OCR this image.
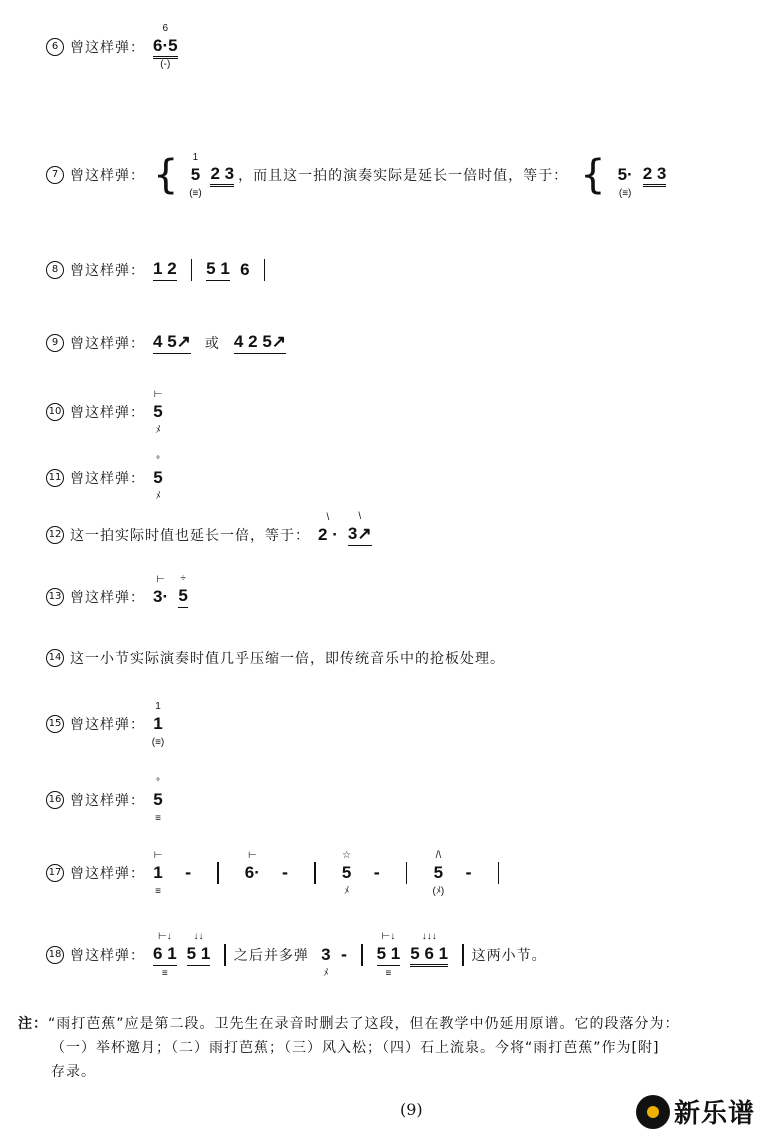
6 曾这样弹：
6
6·5
(-)
7 曾这样弹： { 1
5
(≡)
2 3 ，而且这一拍的演奏实际是延长一倍时值，等于： { 5·
(≡)
2 3
8 曾这样弹： 1 2 5 1 6
9 曾这样弹： 4 5↗ 或 4 2 5↗
10 曾这样弹：
⊢
5
ﾒ
11 曾这样弹：
°
5
ﾒ
12 这一拍实际时值也延长一倍，等于：
\
2 ·
\
3↗
13 曾这样弹：
⊢
3·
÷
5
14 这一小节实际演奏时值几乎压缩一倍，即传统音乐中的抢板处理。
15 曾这样弹：
1
1
(≡)
16 曾这样弹：
°
5
≡
17 曾这样弹：
⊢
1
≡
-
⊢
6· -
☆
5
ﾒ
-
/\
5
(ﾒ)
-
18 曾这样弹：
⊢↓
6 1
≡
↓↓
5 1 之后并多弹 3
ﾒ
-
⊢↓
5 1
≡
↓↓↓
5 6 1 这两小节。
注：“雨打芭蕉”应是第二段。卫先生在录音时删去了这段，但在教学中仍延用原谱。它的段落分为：
（一）举杯邀月；（二）雨打芭蕉；（三）风入松；（四）石上流泉。今将“雨打芭蕉”作为[附]
存录。
(9)	新乐谱
